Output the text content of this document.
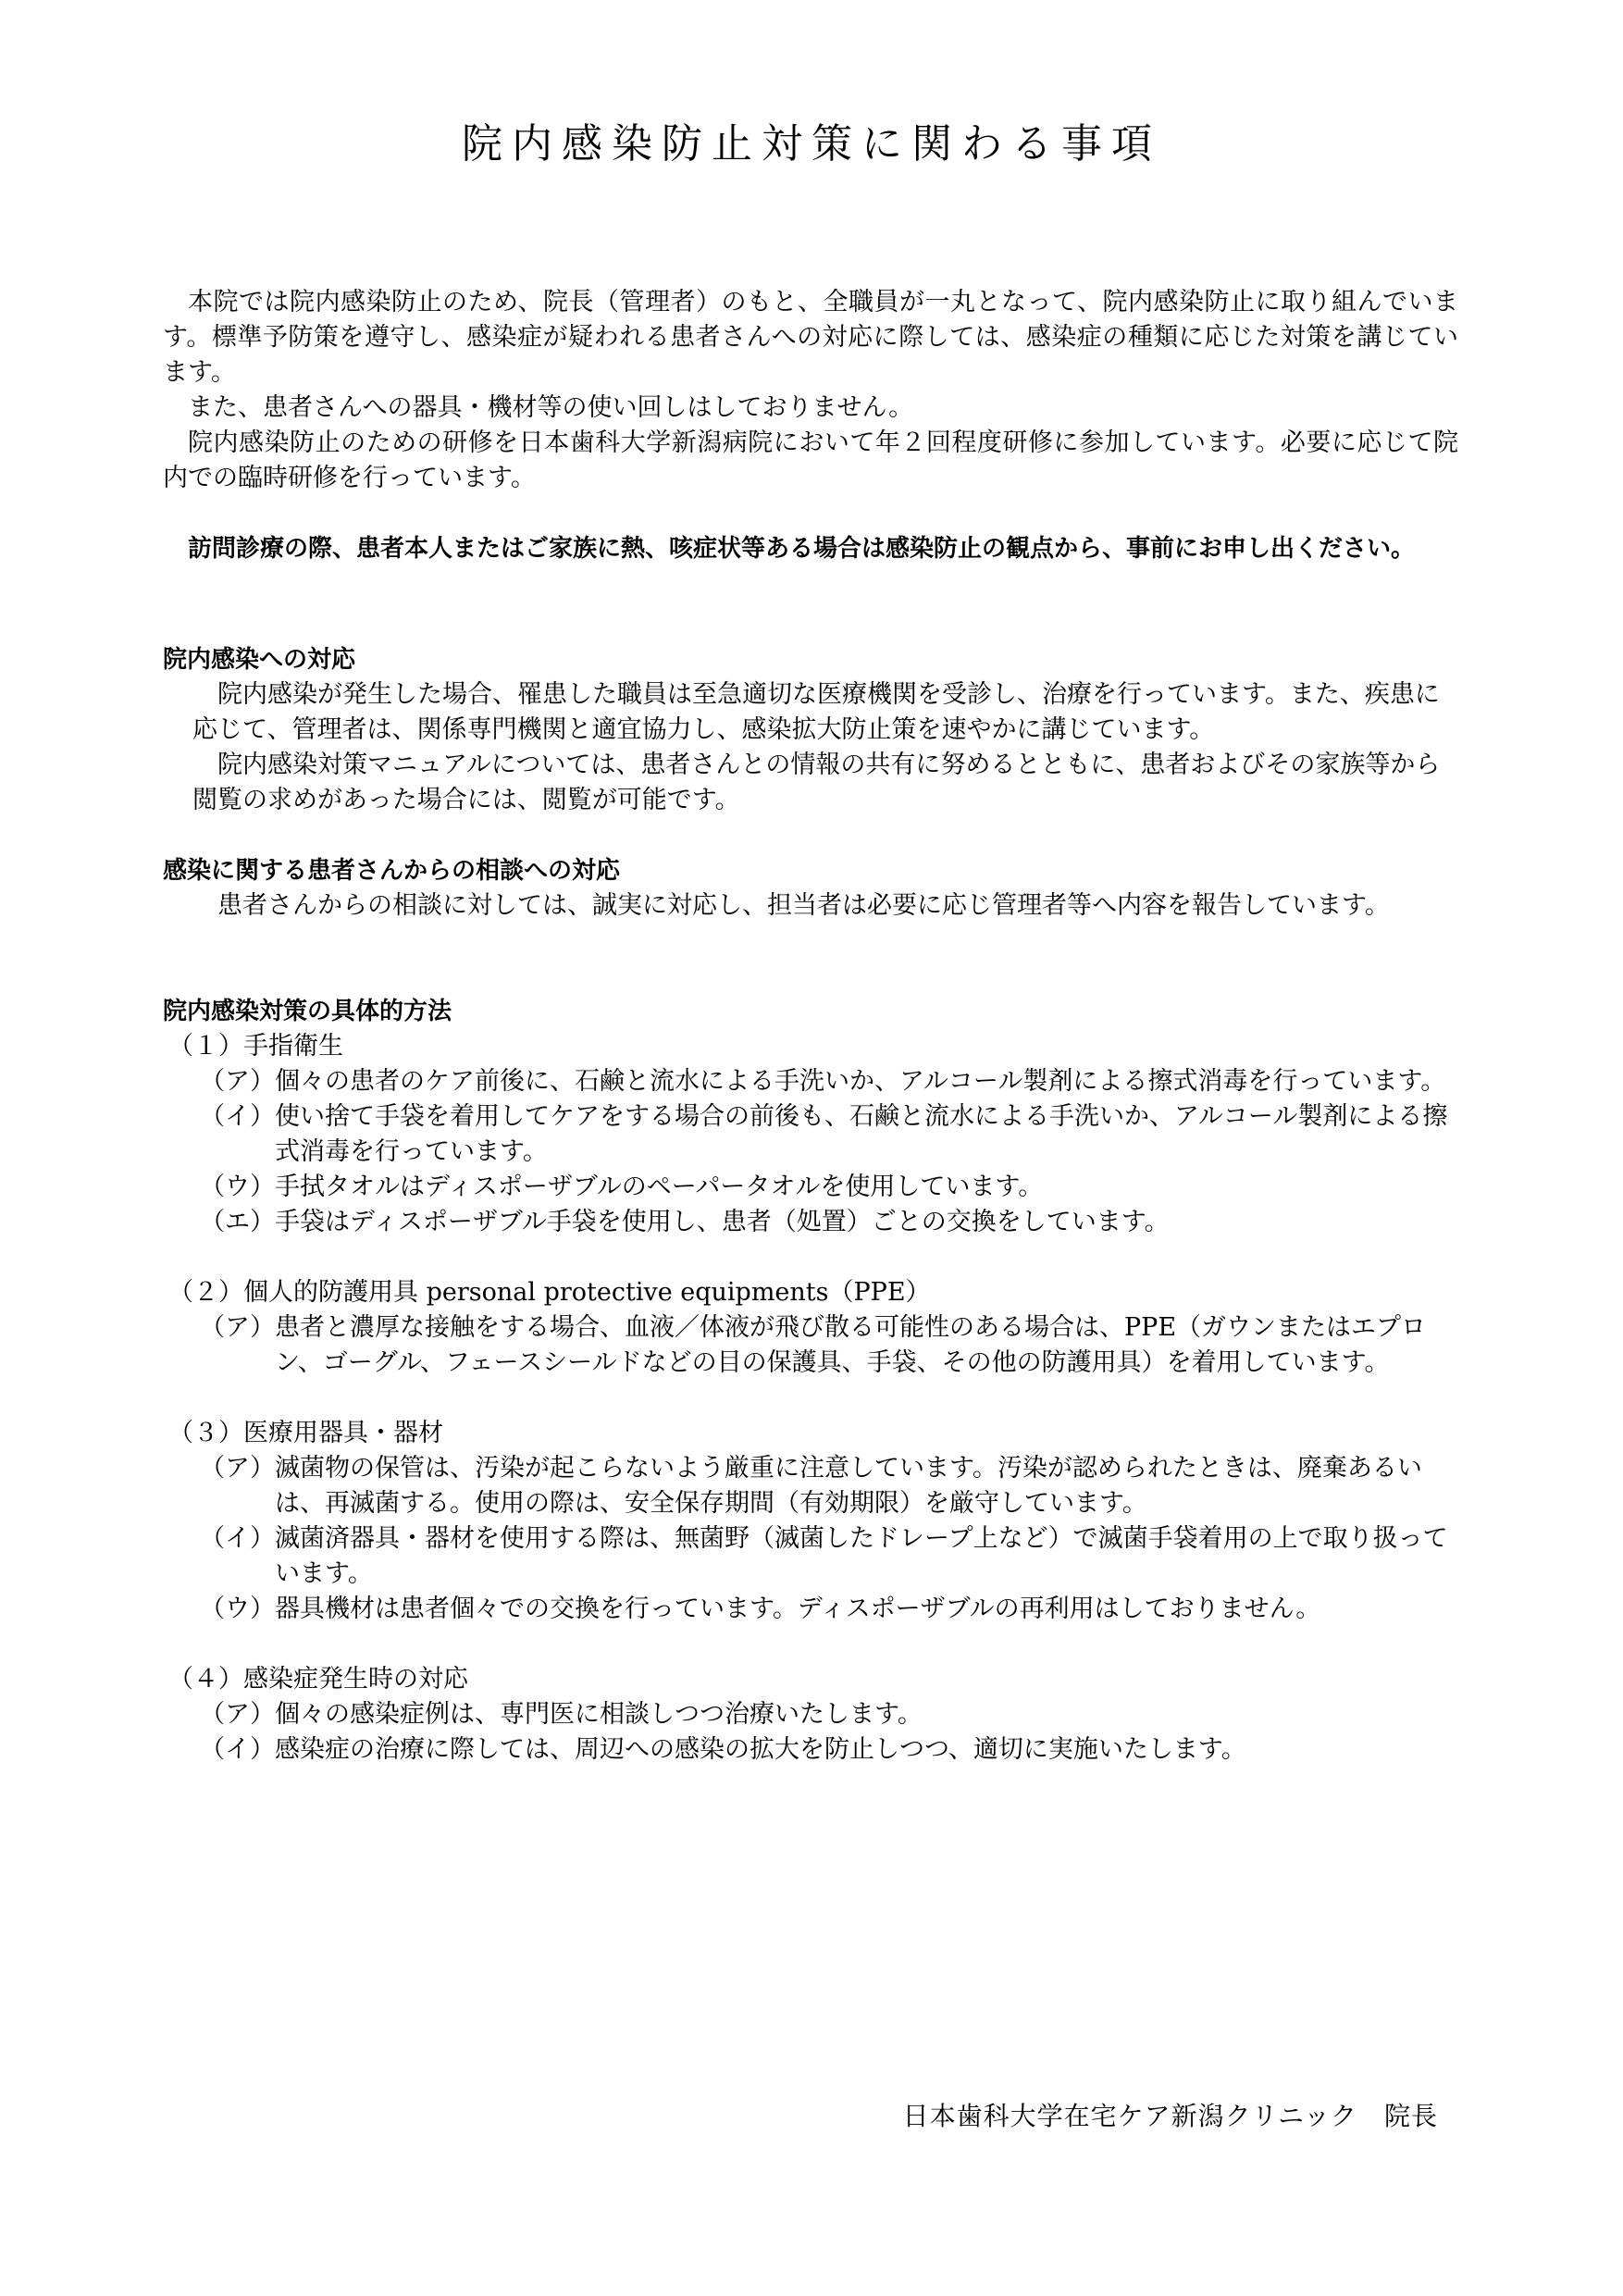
院内感染防止対策に関わる事項

本院では院内感染防止のため、院長（管理者）のもと、全職員が一丸となって、院内感染防止に取り組んでいます。標準予防策を遵守し、感染症が疑われる患者さんへの対応に際しては、感染症の種類に応じた対策を講じています。

また、患者さんへの器具・機材等の使い回しはしておりません。

院内感染防止のための研修を日本歯科大学新潟病院において年２回程度研修に参加しています。必要に応じて院内での臨時研修を行っています。

訪問診療の際、患者本人またはご家族に熱、咳症状等ある場合は感染防止の観点から、事前にお申し出ください。

院内感染への対応

院内感染が発生した場合、罹患した職員は至急適切な医療機関を受診し、治療を行っています。また、疾患に応じて、管理者は、関係専門機関と適宜協力し、感染拡大防止策を速やかに講じています。

院内感染対策マニュアルについては、患者さんとの情報の共有に努めるとともに、患者およびその家族等から閲覧の求めがあった場合には、閲覧が可能です。

感染に関する患者さんからの相談への対応

患者さんからの相談に対しては、誠実に対応し、担当者は必要に応じ管理者等へ内容を報告しています。

院内感染対策の具体的方法

（１）手指衛生

（ア） 個々の患者のケア前後に、石鹸と流水による手洗いか、アルコール製剤による擦式消毒を行っています。
（イ） 使い捨て手袋を着用してケアをする場合の前後も、石鹸と流水による手洗いか、アルコール製剤による擦式消毒を行っています。
（ウ） 手拭タオルはディスポーザブルのペーパータオルを使用しています。
（エ） 手袋はディスポーザブル手袋を使用し、患者（処置）ごとの交換をしています。

（２）個人的防護用具 personal protective equipments（PPE）

（ア） 患者と濃厚な接触をする場合、血液／体液が飛び散る可能性のある場合は、PPE（ガウンまたはエプロン、ゴーグル、フェースシールドなどの目の保護具、手袋、その他の防護用具）を着用しています。

（３）医療用器具・器材

（ア） 滅菌物の保管は、汚染が起こらないよう厳重に注意しています。汚染が認められたときは、廃棄あるいは、再滅菌する。使用の際は、安全保存期間（有効期限）を厳守しています。
（イ） 滅菌済器具・器材を使用する際は、無菌野（滅菌したドレープ上など）で滅菌手袋着用の上で取り扱っています。
（ウ） 器具機材は患者個々での交換を行っています。ディスポーザブルの再利用はしておりません。

（４）感染症発生時の対応

（ア） 個々の感染症例は、専門医に相談しつつ治療いたします。
（イ） 感染症の治療に際しては、周辺への感染の拡大を防止しつつ、適切に実施いたします。
日本歯科大学在宅ケア新潟クリニック　院長
